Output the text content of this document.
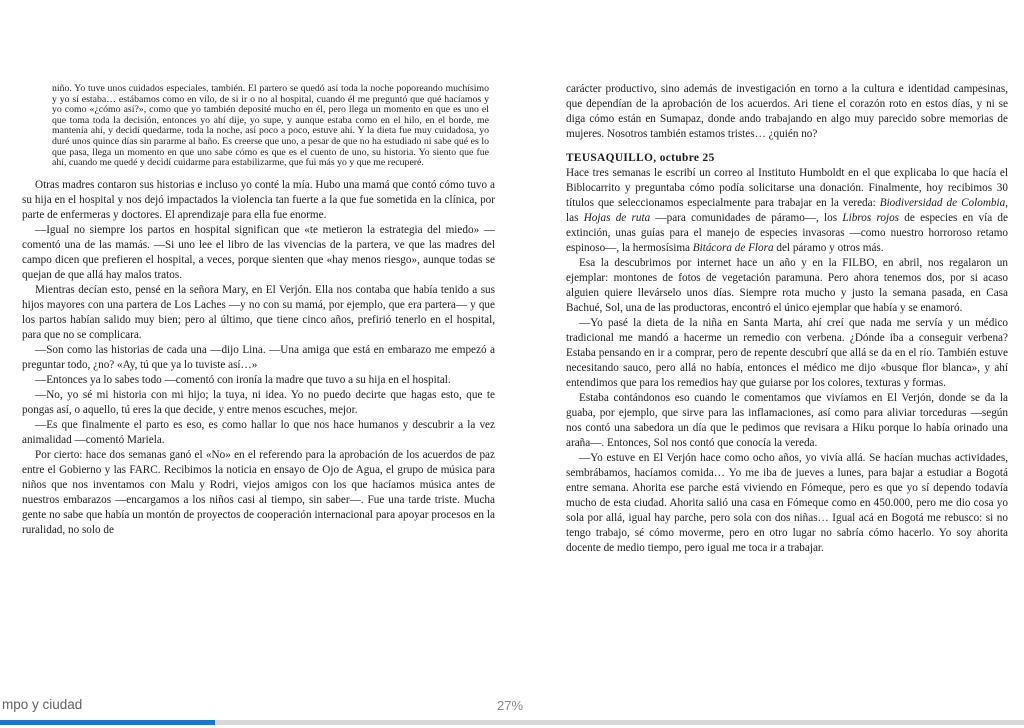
niño. Yo tuve unos cuidados especiales, también. El partero se quedó así toda la noche poporeando muchísimo y yo sí estaba… estábamos como en vilo, de si ir o no al hospital, cuando él me preguntó que qué hacíamos y yo como «¿cómo así?», como que yo también deposité mucho en él, pero llega un momento en que es uno el que toma toda la decisión, entonces yo ahí dije, yo supe, y aunque estaba como en el hilo, en el borde, me mantenía ahí, y decidí quedarme, toda la noche, así poco a poco, estuve ahí. Y la dieta fue muy cuidadosa, yo duré unos quince días sin pararme al baño. Es creerse que uno, a pesar de que no ha estudiado ni sabe qué es lo que pasa, llega un momento en que uno sabe cómo es que es el cuento de uno, su historia. Yo siento que fue ahí, cuando me quedé y decidí cuidarme para estabilizarme, que fui más yo y que me recuperé.

Otras madres contaron sus historias e incluso yo conté la mía. Hubo una mamá que contó cómo tuvo a su hija en el hospital y nos dejó impactados la violencia tan fuerte a la que fue sometida en la clínica, por parte de enfermeras y doctores. El aprendizaje para ella fue enorme.

—Igual no siempre los partos en hospital significan que «te metieron la estrategia del miedo» —comentó una de las mamás. —Si uno lee el libro de las vivencias de la partera, ve que las madres del campo dicen que prefieren el hospital, a veces, porque sienten que «hay menos riesgo», aunque todas se quejan de que allá hay malos tratos.

Mientras decían esto, pensé en la señora Mary, en El Verjón. Ella nos contaba que había tenido a sus hijos mayores con una partera de Los Laches —y no con su mamá, por ejemplo, que era partera— y que los partos habían salido muy bien; pero al último, que tiene cinco años, prefirió tenerlo en el hospital, para que no se complicara.

—Son como las historias de cada una —dijo Lina. —Una amiga que está en embarazo me empezó a preguntar todo, ¿no? «Ay, tú que ya lo tuviste así…»

—Entonces ya lo sabes todo —comentó con ironía la madre que tuvo a su hija en el hospital.

—No, yo sé mi historia con mi hijo; la tuya, ni idea. Yo no puedo decirte que hagas esto, que te pongas así, o aquello, tú eres la que decide, y entre menos escuches, mejor.

—Es que finalmente el parto es eso, es como hallar lo que nos hace humanos y descubrir a la vez animalidad —comentó Mariela.

Por cierto: hace dos semanas ganó el «No» en el referendo para la aprobación de los acuerdos de paz entre el Gobierno y las FARC. Recibimos la noticia en ensayo de Ojo de Agua, el grupo de música para niños que nos inventamos con Malu y Rodri, viejos amigos con los que hacíamos música antes de nuestros embarazos —encargamos a los niños casi al tiempo, sin saber—. Fue una tarde triste. Mucha gente no sabe que había un montón de proyectos de cooperación internacional para apoyar procesos en la ruralidad, no solo de

carácter productivo, sino además de investigación en torno a la cultura e identidad campesinas, que dependían de la aprobación de los acuerdos. Ari tiene el corazón roto en estos días, y ni se diga cómo están en Sumapaz, donde ando trabajando en algo muy parecido sobre memorias de mujeres. Nosotros también estamos tristes… ¿quién no?

TEUSAQUILLO, octubre 25

Hace tres semanas le escribí un correo al Instituto Humboldt en el que explicaba lo que hacía el Biblocarrito y preguntaba cómo podía solicitarse una donación. Finalmente, hoy recibimos 30 títulos que seleccionamos especialmente para trabajar en la vereda: Biodiversidad de Colombia, las Hojas de ruta —para comunidades de páramo—, los Libros rojos de especies en vía de extinción, unas guías para el manejo de especies invasoras —como nuestro horroroso retamo espinoso—, la hermosísima Bitácora de Flora del páramo y otros más.

Esa la descubrimos por internet hace un año y en la FILBO, en abril, nos regalaron un ejemplar: montones de fotos de vegetación paramuna. Pero ahora tenemos dos, por si acaso alguien quiere llevárselo unos días. Siempre rota mucho y justo la semana pasada, en Casa Bachué, Sol, una de las productoras, encontró el único ejemplar que había y se enamoró.

—Yo pasé la dieta de la niña en Santa Marta, ahí creí que nada me servía y un médico tradicional me mandó a hacerme un remedio con verbena. ¿Dónde iba a conseguir verbena? Estaba pensando en ir a comprar, pero de repente descubrí que allá se da en el río. También estuve necesitando sauco, pero allá no había, entonces el médico me dijo «busque flor blanca», y ahí entendimos que para los remedios hay que guiarse por los colores, texturas y formas.

Estaba contándonos eso cuando le comentamos que vivíamos en El Verjón, donde se da la guaba, por ejemplo, que sirve para las inflamaciones, así como para aliviar torceduras —según nos contó una sabedora un día que le pedimos que revisara a Hiku porque lo había orinado una araña—. Entonces, Sol nos contó que conocía la vereda.

—Yo estuve en El Verjón hace como ocho años, yo vivía allá. Se hacían muchas actividades, sembrábamos, hacíamos comida… Yo me iba de jueves a lunes, para bajar a estudiar a Bogotá entre semana. Ahorita ese parche está viviendo en Fómeque, pero es que yo sí dependo todavía mucho de esta ciudad. Ahorita salió una casa en Fómeque como en 450.000, pero me dio cosa yo sola por allá, igual hay parche, pero sola con dos niñas… Igual acá en Bogotá me rebusco: si no tengo trabajo, sé cómo moverme, pero en otro lugar no sabría cómo hacerlo. Yo soy ahorita docente de medio tiempo, pero igual me toca ir a trabajar.

mpo y ciudad	27%
